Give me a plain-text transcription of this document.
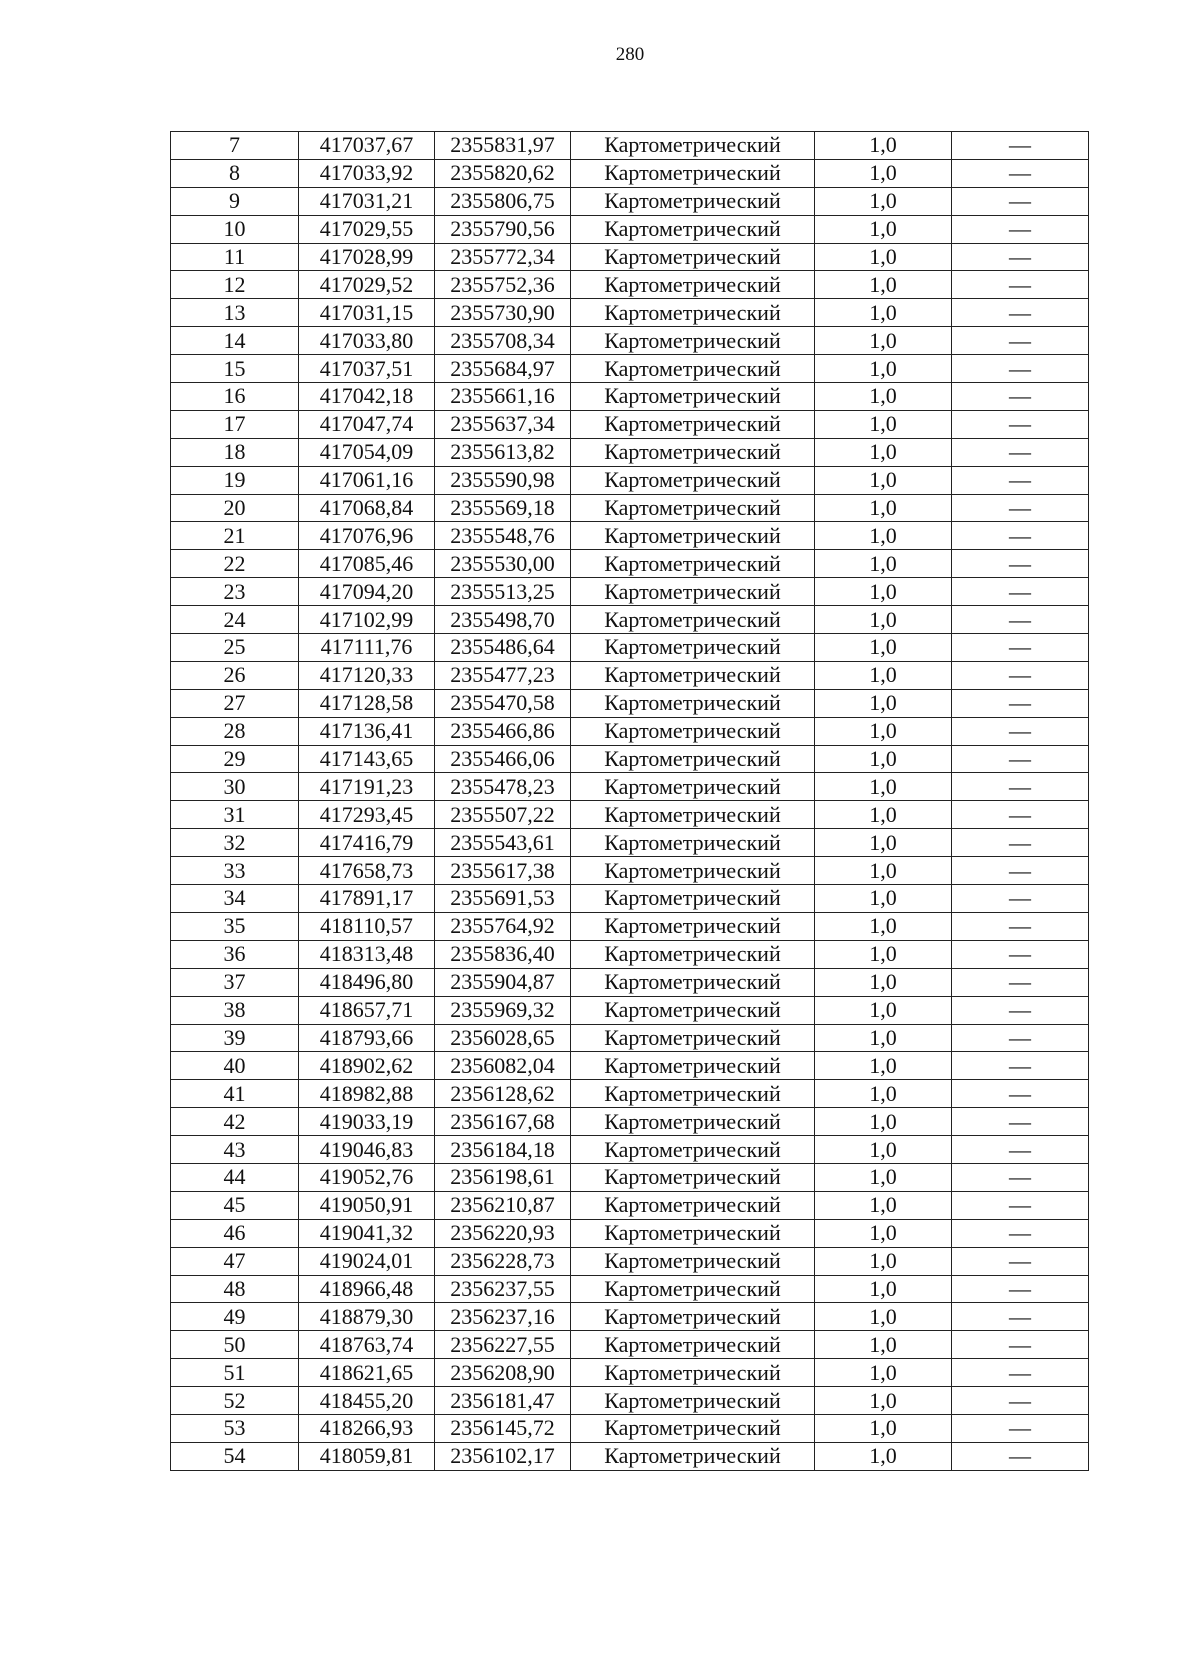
280
7	417037,67	2355831,97	Картометрический	1,0	—
8	417033,92	2355820,62	Картометрический	1,0	—
9	417031,21	2355806,75	Картометрический	1,0	—
10	417029,55	2355790,56	Картометрический	1,0	—
11	417028,99	2355772,34	Картометрический	1,0	—
12	417029,52	2355752,36	Картометрический	1,0	—
13	417031,15	2355730,90	Картометрический	1,0	—
14	417033,80	2355708,34	Картометрический	1,0	—
15	417037,51	2355684,97	Картометрический	1,0	—
16	417042,18	2355661,16	Картометрический	1,0	—
17	417047,74	2355637,34	Картометрический	1,0	—
18	417054,09	2355613,82	Картометрический	1,0	—
19	417061,16	2355590,98	Картометрический	1,0	—
20	417068,84	2355569,18	Картометрический	1,0	—
21	417076,96	2355548,76	Картометрический	1,0	—
22	417085,46	2355530,00	Картометрический	1,0	—
23	417094,20	2355513,25	Картометрический	1,0	—
24	417102,99	2355498,70	Картометрический	1,0	—
25	417111,76	2355486,64	Картометрический	1,0	—
26	417120,33	2355477,23	Картометрический	1,0	—
27	417128,58	2355470,58	Картометрический	1,0	—
28	417136,41	2355466,86	Картометрический	1,0	—
29	417143,65	2355466,06	Картометрический	1,0	—
30	417191,23	2355478,23	Картометрический	1,0	—
31	417293,45	2355507,22	Картометрический	1,0	—
32	417416,79	2355543,61	Картометрический	1,0	—
33	417658,73	2355617,38	Картометрический	1,0	—
34	417891,17	2355691,53	Картометрический	1,0	—
35	418110,57	2355764,92	Картометрический	1,0	—
36	418313,48	2355836,40	Картометрический	1,0	—
37	418496,80	2355904,87	Картометрический	1,0	—
38	418657,71	2355969,32	Картометрический	1,0	—
39	418793,66	2356028,65	Картометрический	1,0	—
40	418902,62	2356082,04	Картометрический	1,0	—
41	418982,88	2356128,62	Картометрический	1,0	—
42	419033,19	2356167,68	Картометрический	1,0	—
43	419046,83	2356184,18	Картометрический	1,0	—
44	419052,76	2356198,61	Картометрический	1,0	—
45	419050,91	2356210,87	Картометрический	1,0	—
46	419041,32	2356220,93	Картометрический	1,0	—
47	419024,01	2356228,73	Картометрический	1,0	—
48	418966,48	2356237,55	Картометрический	1,0	—
49	418879,30	2356237,16	Картометрический	1,0	—
50	418763,74	2356227,55	Картометрический	1,0	—
51	418621,65	2356208,90	Картометрический	1,0	—
52	418455,20	2356181,47	Картометрический	1,0	—
53	418266,93	2356145,72	Картометрический	1,0	—
54	418059,81	2356102,17	Картометрический	1,0	—
